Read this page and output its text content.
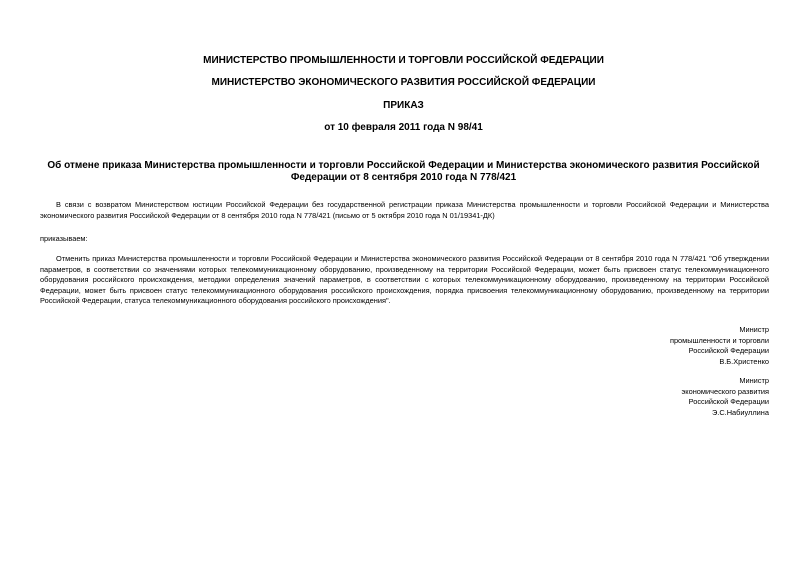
МИНИСТЕРСТВО ПРОМЫШЛЕННОСТИ И ТОРГОВЛИ РОССИЙСКОЙ ФЕДЕРАЦИИ
МИНИСТЕРСТВО ЭКОНОМИЧЕСКОГО РАЗВИТИЯ РОССИЙСКОЙ ФЕДЕРАЦИИ
ПРИКАЗ
от 10 февраля 2011 года N 98/41
Об отмене приказа Министерства промышленности и торговли Российской Федерации и Министерства экономического развития Российской Федерации от 8 сентября 2010 года N 778/421
В связи с возвратом Министерством юстиции Российской Федерации без государственной регистрации приказа Министерства промышленности и торговли Российской Федерации и Министерства экономического развития Российской Федерации от 8 сентября 2010 года N 778/421 (письмо от 5 октября 2010 года N 01/19341-ДК)
приказываем:
Отменить приказ Министерства промышленности и торговли Российской Федерации и Министерства экономического развития Российской Федерации от 8 сентября 2010 года N 778/421 "Об утверждении параметров, в соответствии со значениями которых телекоммуникационному оборудованию, произведенному на территории Российской Федерации, может быть присвоен статус телекоммуникационного оборудования российского происхождения, методики определения значений параметров, в соответствии с которых телекоммуникационному оборудованию, произведенному на территории Российской Федерации, может быть присвоен статус телекоммуникационного оборудования российского происхождения, порядка присвоения телекоммуникационному оборудованию, произведенному на территории Российской Федерации, статуса телекоммуникационного оборудования российского происхождения".
Министр
промышленности и торговли
Российской Федерации
В.Б.Христенко
Министр
экономического развития
Российской Федерации
Э.С.Набиуллина
